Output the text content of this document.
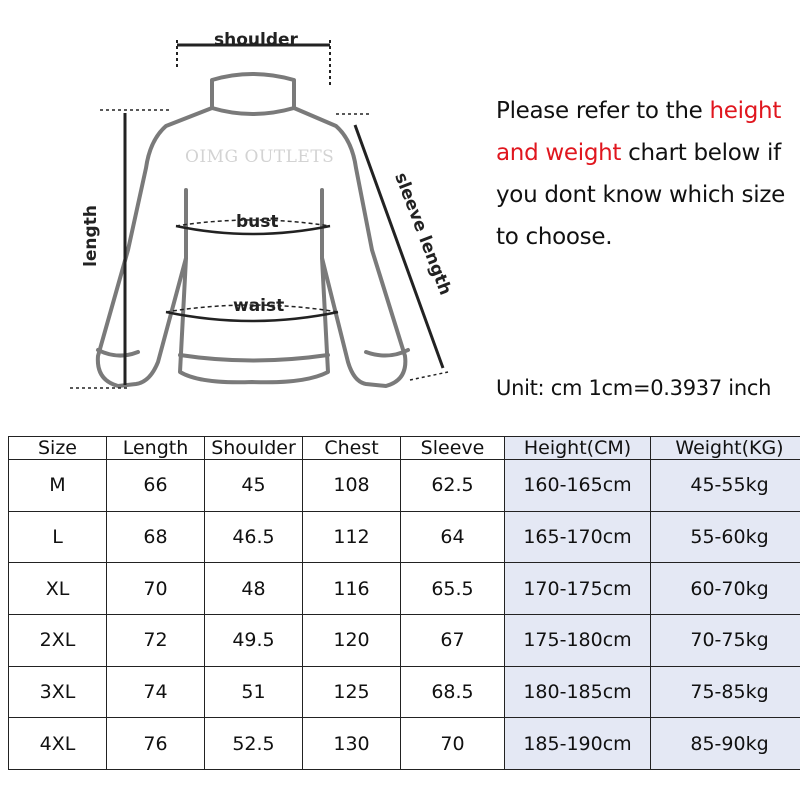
OIMG OUTLETS
shoulder
bust
waist
length	sleeve length
Please refer to the height and weight chart below if you dont know which size to choose.
Unit: cm 1cm=0.3937 inch
Size	Length	Shoulder	Chest	Sleeve	Height(CM)	Weight(KG)
M	66	45	108	62.5	160-165cm	45-55kg
L	68	46.5	112	64	165-170cm	55-60kg
XL	70	48	116	65.5	170-175cm	60-70kg
2XL	72	49.5	120	67	175-180cm	70-75kg
3XL	74	51	125	68.5	180-185cm	75-85kg
4XL	76	52.5	130	70	185-190cm	85-90kg
